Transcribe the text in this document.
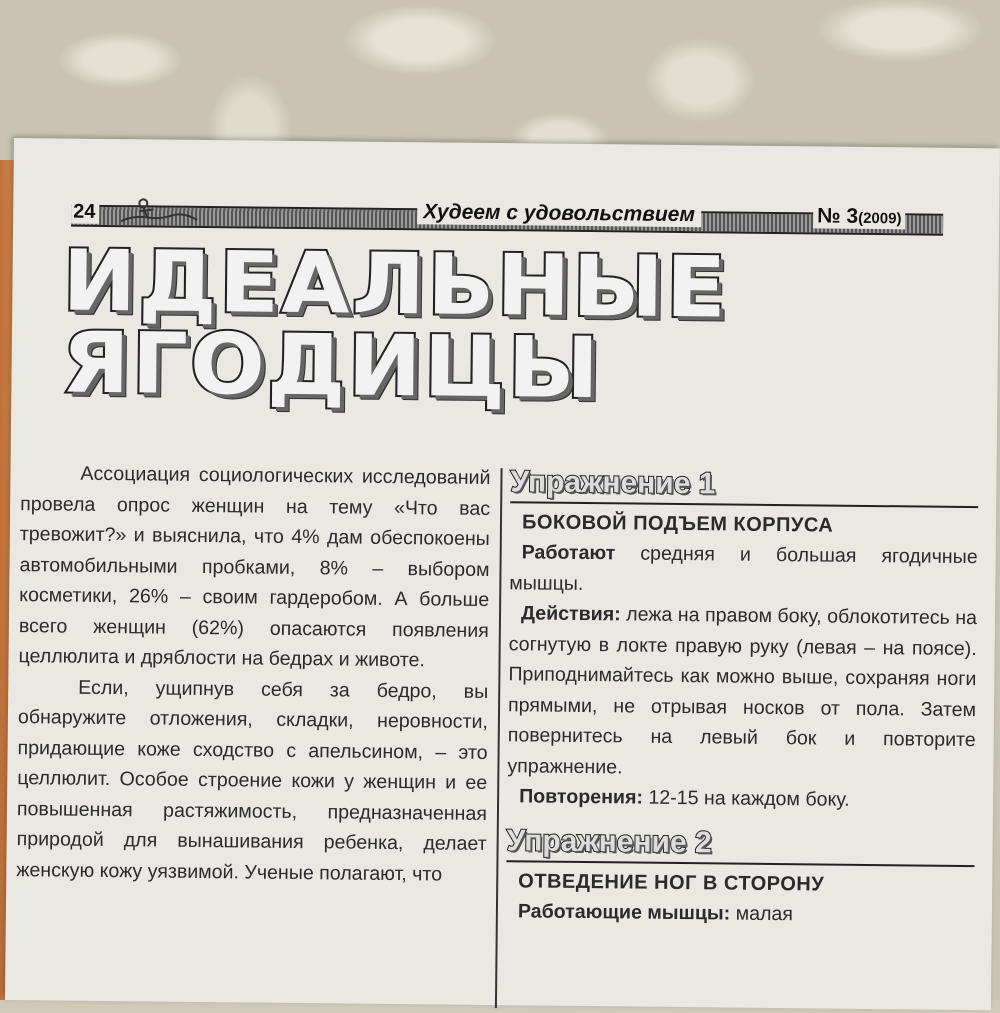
24	Худеем с удовольствием	№ 3(2009)
ИДЕАЛЬНЫЕ
ЯГОДИЦЫ

Ассоциация социологических исследований провела опрос женщин на тему «Что вас тревожит?» и выяснила, что 4% дам обеспокоены автомобильными пробками, 8% – выбором косметики, 26% – своим гардеробом. А больше всего женщин (62%) опасаются появления целлюлита и дряблости на бедрах и животе.

Если, ущипнув себя за бедро, вы обнаружите отложения, складки, неровности, придающие коже сходство с апельсином, – это целлюлит. Особое строение кожи у женщин и ее повышенная растяжимость, предназначенная природой для вынашивания ребенка, делает женскую кожу уязвимой. Ученые полагают, что

Упражнение 1
БОКОВОЙ ПОДЪЕМ КОРПУСА

Работают средняя и большая ягодичные мышцы.

Действия: лежа на правом боку, облокотитесь на согнутую в локте правую руку (левая – на поясе). Приподнимайтесь как можно выше, сохраняя ноги прямыми, не отрывая носков от пола. Затем повернитесь на левый бок и повторите упражнение.

Повторения: 12-15 на каждом боку.

Упражнение 2
ОТВЕДЕНИЕ НОГ В СТОРОНУ

Работающие мышцы: малая
